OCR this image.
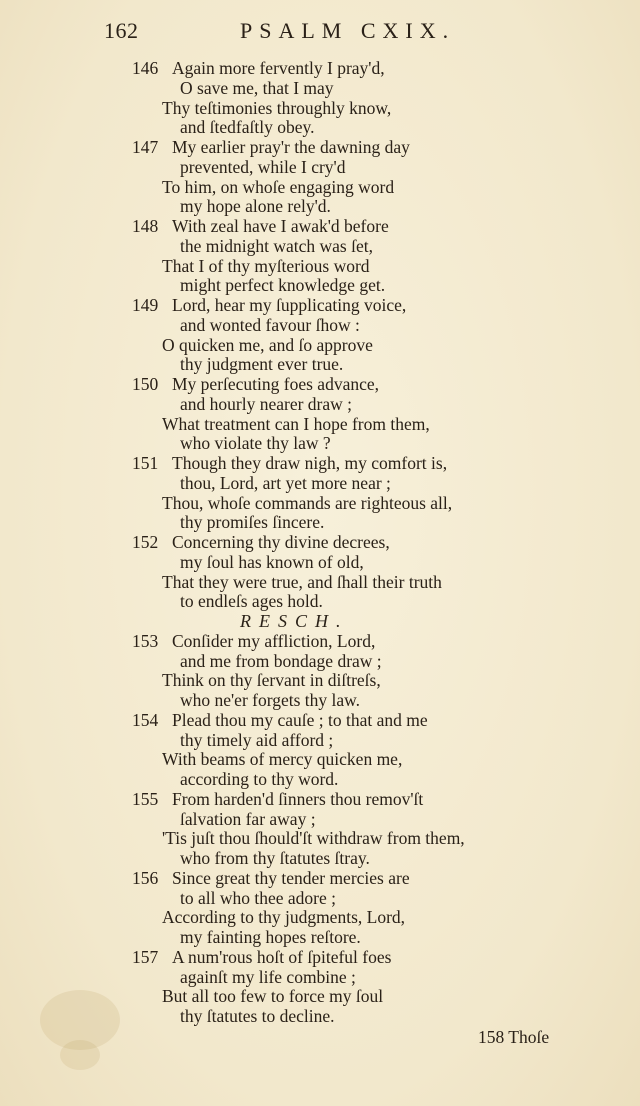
162	PSALM CXIX.
146 Again more fervently I pray'd,
O save me, that I may
Thy teſtimonies throughly know,
and ſtedfaſtly obey.
147 My earlier pray'r the dawning day
prevented, while I cry'd
To him, on whoſe engaging word
my hope alone rely'd.
148 With zeal have I awak'd before
the midnight watch was ſet,
That I of thy myſterious word
might perfect knowledge get.
149 Lord, hear my ſupplicating voice,
and wonted favour ſhow :
O quicken me, and ſo approve
thy judgment ever true.
150 My perſecuting foes advance,
and hourly nearer draw ;
What treatment can I hope from them,
who violate thy law ?
151 Though they draw nigh, my comfort is,
thou, Lord, art yet more near ;
Thou, whoſe commands are righteous all,
thy promiſes ſincere.
152 Concerning thy divine decrees,
my ſoul has known of old,
That they were true, and ſhall their truth
to endleſs ages hold.
RESCH.
153 Conſider my affliction, Lord,
and me from bondage draw ;
Think on thy ſervant in diſtreſs,
who ne'er forgets thy law.
154 Plead thou my cauſe ; to that and me
thy timely aid afford ;
With beams of mercy quicken me,
according to thy word.
155 From harden'd ſinners thou remov'ſt
ſalvation far away ;
'Tis juſt thou ſhould'ſt withdraw from them,
who from thy ſtatutes ſtray.
156 Since great thy tender mercies are
to all who thee adore ;
According to thy judgments, Lord,
my fainting hopes reſtore.
157 A num'rous hoſt of ſpiteful foes
againſt my life combine ;
But all too few to force my ſoul
thy ſtatutes to decline.
158 Thoſe
